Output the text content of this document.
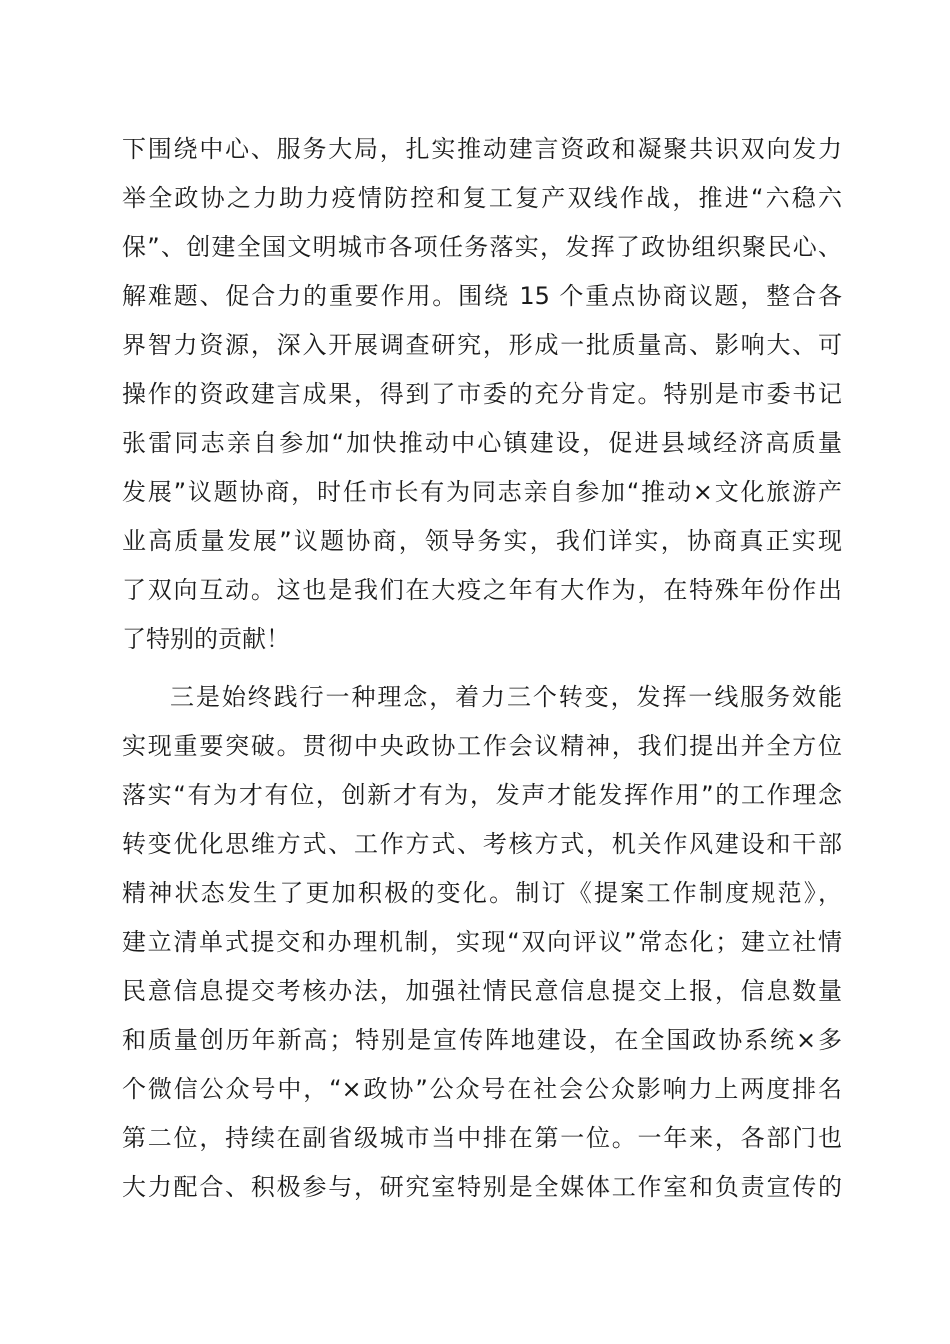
下围绕中心、服务大局，扎实推动建言资政和凝聚共识双向发力
举全政协之力助力疫情防控和复工复产双线作战，推进“六稳六
保”、创建全国文明城市各项任务落实，发挥了政协组织聚民心、
解难题、促合力的重要作用。围绕 15 个重点协商议题，整合各
界智力资源，深入开展调查研究，形成一批质量高、影响大、可
操作的资政建言成果，得到了市委的充分肯定。特别是市委书记
张雷同志亲自参加“加快推动中心镇建设，促进县域经济高质量
发展”议题协商，时任市长有为同志亲自参加“推动×文化旅游产
业高质量发展”议题协商，领导务实，我们详实，协商真正实现
了双向互动。这也是我们在大疫之年有大作为，在特殊年份作出
了特别的贡献！
三是始终践行一种理念，着力三个转变，发挥一线服务效能
实现重要突破。贯彻中央政协工作会议精神，我们提出并全方位
落实“有为才有位，创新才有为，发声才能发挥作用”的工作理念
转变优化思维方式、工作方式、考核方式，机关作风建设和干部
精神状态发生了更加积极的变化。制订《提案工作制度规范》，
建立清单式提交和办理机制，实现“双向评议”常态化；建立社情
民意信息提交考核办法，加强社情民意信息提交上报，信息数量
和质量创历年新高；特别是宣传阵地建设，在全国政协系统×多
个微信公众号中，“×政协”公众号在社会公众影响力上两度排名
第二位，持续在副省级城市当中排在第一位。一年来，各部门也
大力配合、积极参与，研究室特别是全媒体工作室和负责宣传的
